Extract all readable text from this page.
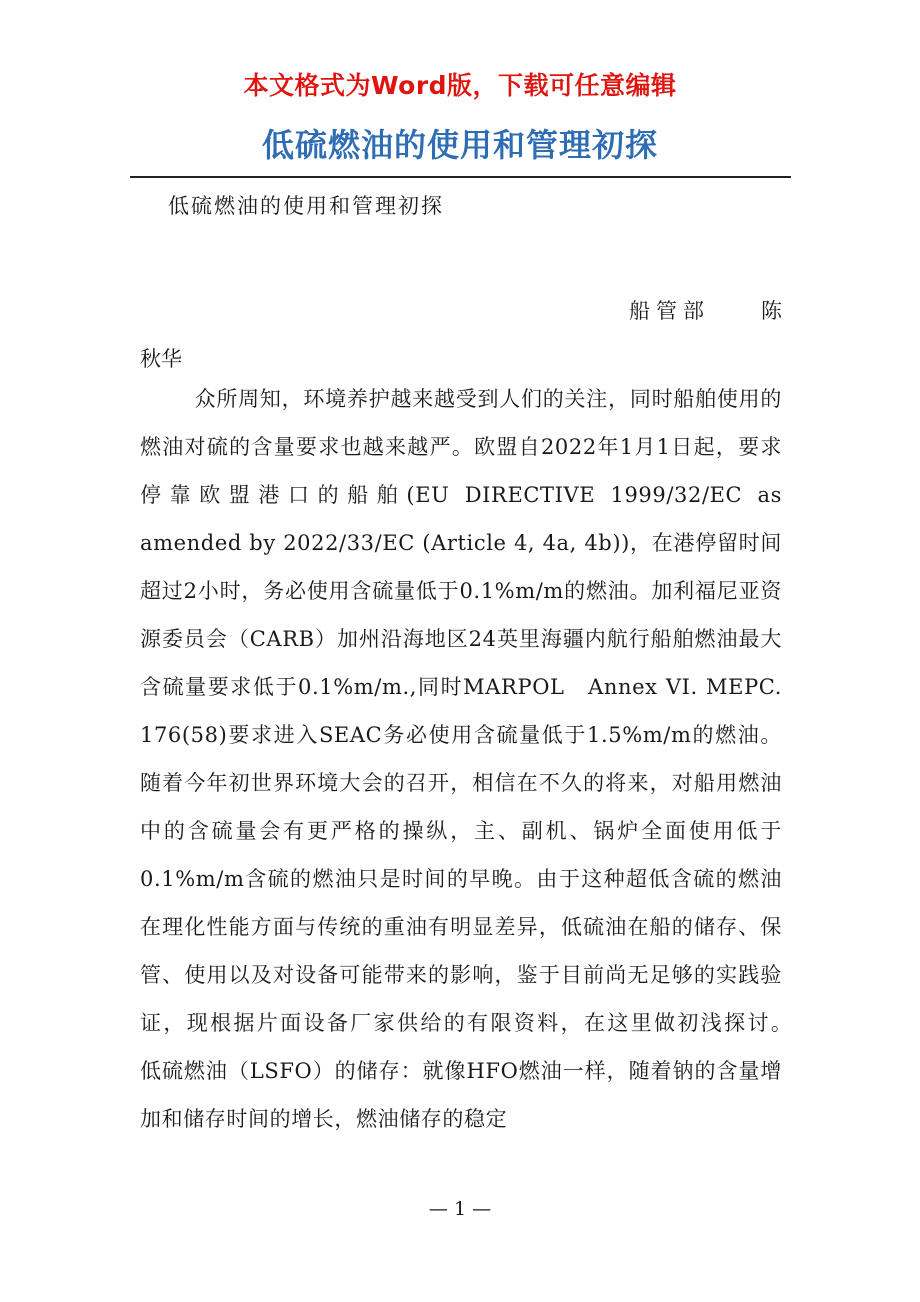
本文格式为Word版，下载可任意编辑
低硫燃油的使用和管理初探
低硫燃油的使用和管理初探
船管部 陈
秋华

众所周知，环境养护越来越受到人们的关注，同时船舶使用的燃油对硫的含量要求也越来越严。欧盟自2022年1月1日起，要求停靠欧盟港口的船舶(EU DIRECTIVE 1999/32/EC as amended by 2022/33/EC (Article 4, 4a, 4b))，在港停留时间超过2小时，务必使用含硫量低于0.1%m/m的燃油。加利福尼亚资源委员会（CARB）加州沿海地区24英里海疆内航行船舶燃油最大含硫量要求低于0.1%m/m.,同时MARPOL　Annex VI. MEPC. 176(58)要求进入SEAC务必使用含硫量低于1.5%m/m的燃油。随着今年初世界环境大会的召开，相信在不久的将来，对船用燃油中的含硫量会有更严格的操纵，主、副机、锅炉全面使用低于0.1%m/m含硫的燃油只是时间的早晚。由于这种超低含硫的燃油在理化性能方面与传统的重油有明显差异，低硫油在船的储存、保管、使用以及对设备可能带来的影响，鉴于目前尚无足够的实践验证，现根据片面设备厂家供给的有限资料，在这里做初浅探讨。　　　低硫燃油（LSFO）的储存：就像HFO燃油一样，随着钠的含量增加和储存时间的增长，燃油储存的稳定

— 1 —
